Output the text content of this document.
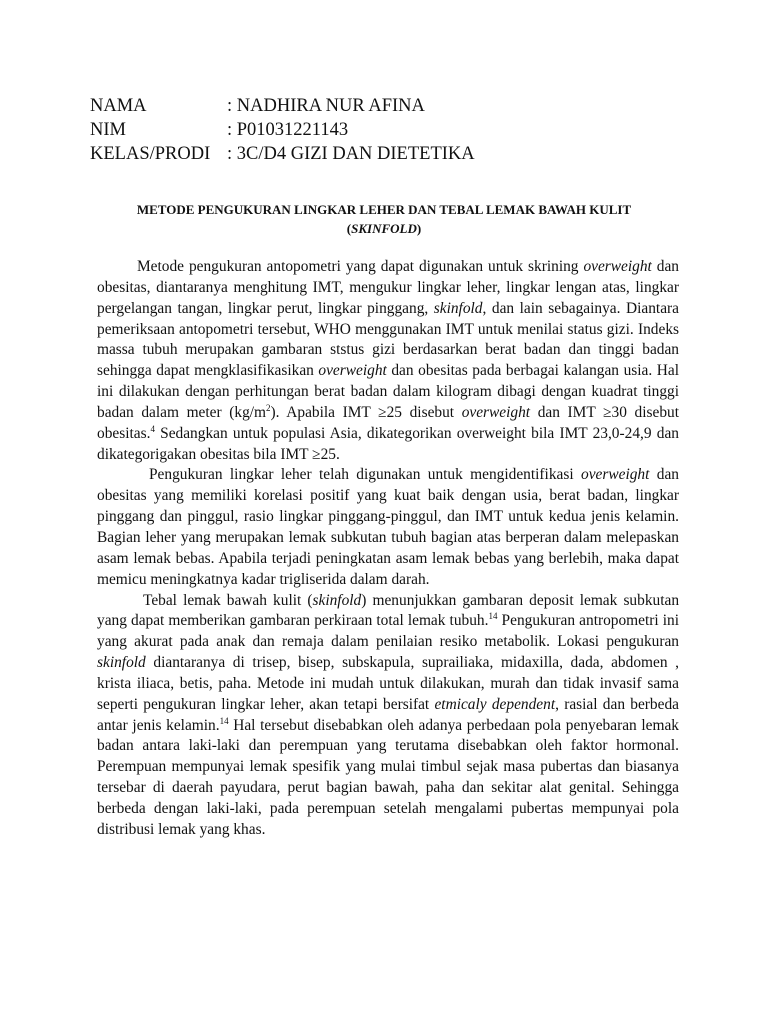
NAMA	: NADHIRA NUR AFINA
NIM	: P01031221143
KELAS/PRODI : 3C/D4 GIZI DAN DIETETIKA
METODE PENGUKURAN LINGKAR LEHER DAN TEBAL LEMAK BAWAH KULIT
(SKINFOLD)

Metode pengukuran antopometri yang dapat digunakan untuk skrining overweight dan obesitas, diantaranya menghitung IMT, mengukur lingkar leher, lingkar lengan atas, lingkar pergelangan tangan, lingkar perut, lingkar pinggang, skinfold, dan lain sebagainya. Diantara pemeriksaan antopometri tersebut, WHO menggunakan IMT untuk menilai status gizi. Indeks massa tubuh merupakan gambaran ststus gizi berdasarkan berat badan dan tinggi badan sehingga dapat mengklasifikasikan overweight dan obesitas pada berbagai kalangan usia. Hal ini dilakukan dengan perhitungan berat badan dalam kilogram dibagi dengan kuadrat tinggi badan dalam meter $(kg/m^2)$. Apabila IMT ≥25 disebut overweight dan IMT ≥30 disebut obesitas.$^4$ Sedangkan untuk populasi Asia, dikategorikan overweight bila IMT 23,0-24,9 dan dikategorigakan obesitas bila IMT ≥25.

Pengukuran lingkar leher telah digunakan untuk mengidentifikasi overweight dan obesitas yang memiliki korelasi positif yang kuat baik dengan usia, berat badan, lingkar pinggang dan pinggul, rasio lingkar pinggang-pinggul, dan IMT untuk kedua jenis kelamin. Bagian leher yang merupakan lemak subkutan tubuh bagian atas berperan dalam melepaskan asam lemak bebas. Apabila terjadi peningkatan asam lemak bebas yang berlebih, maka dapat memicu meningkatnya kadar trigliserida dalam darah.

Tebal lemak bawah kulit (skinfold) menunjukkan gambaran deposit lemak subkutan yang dapat memberikan gambaran perkiraan total lemak tubuh.$^{14}$ Pengukuran antropometri ini yang akurat pada anak dan remaja dalam penilaian resiko metabolik. Lokasi pengukuran skinfold diantaranya di trisep, bisep, subskapula, suprailiaka, midaxilla, dada, abdomen , krista iliaca, betis, paha. Metode ini mudah untuk dilakukan, murah dan tidak invasif sama seperti pengukuran lingkar leher, akan tetapi bersifat etmicaly dependent, rasial dan berbeda antar jenis kelamin.$^{14}$ Hal tersebut disebabkan oleh adanya perbedaan pola penyebaran lemak badan antara laki-laki dan perempuan yang terutama disebabkan oleh faktor hormonal. Perempuan mempunyai lemak spesifik yang mulai timbul sejak masa pubertas dan biasanya tersebar di daerah payudara, perut bagian bawah, paha dan sekitar alat genital. Sehingga berbeda dengan laki-laki, pada perempuan setelah mengalami pubertas mempunyai pola distribusi lemak yang khas.
